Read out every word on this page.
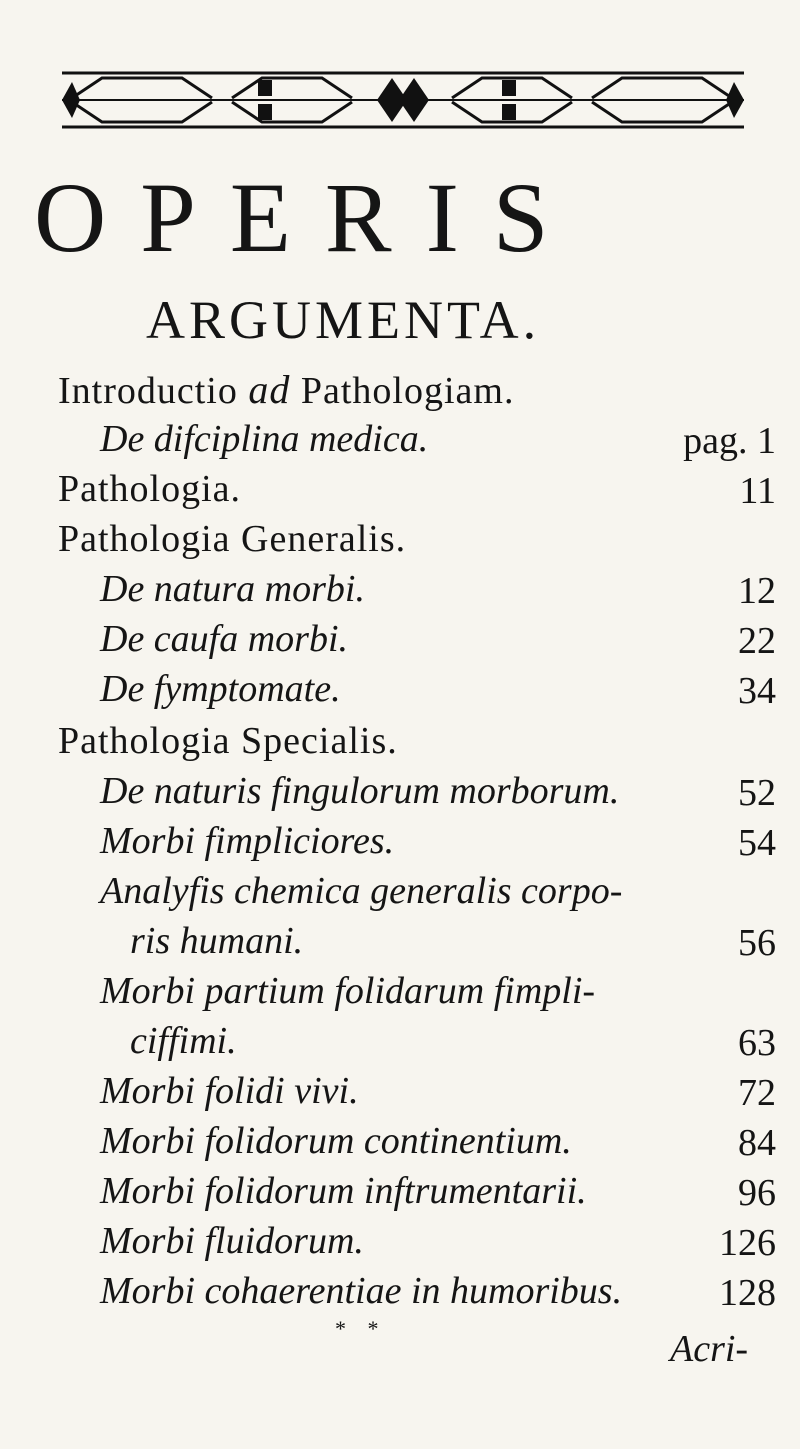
OPERIS
ARGUMENTA.
Introductio ad Pathologiam.
De difciplina medica.	pag. 1
Pathologia.	11
Pathologia Generalis.
De natura morbi.	12
De caufa morbi.	22
De fymptomate.	34
Pathologia Specialis.
De naturis fingulorum morborum.	52
Morbi fimpliciores.	54
Analyfis chemica generalis corpo-
ris humani.	56
Morbi partium folidarum fimpli-
ciffimi.	63
Morbi folidi vivi.	72
Morbi folidorum continentium.	84
Morbi folidorum inftrumentarii.	96
Morbi fluidorum.	126
Morbi cohaerentiae in humoribus.	128
* *	Acri-
